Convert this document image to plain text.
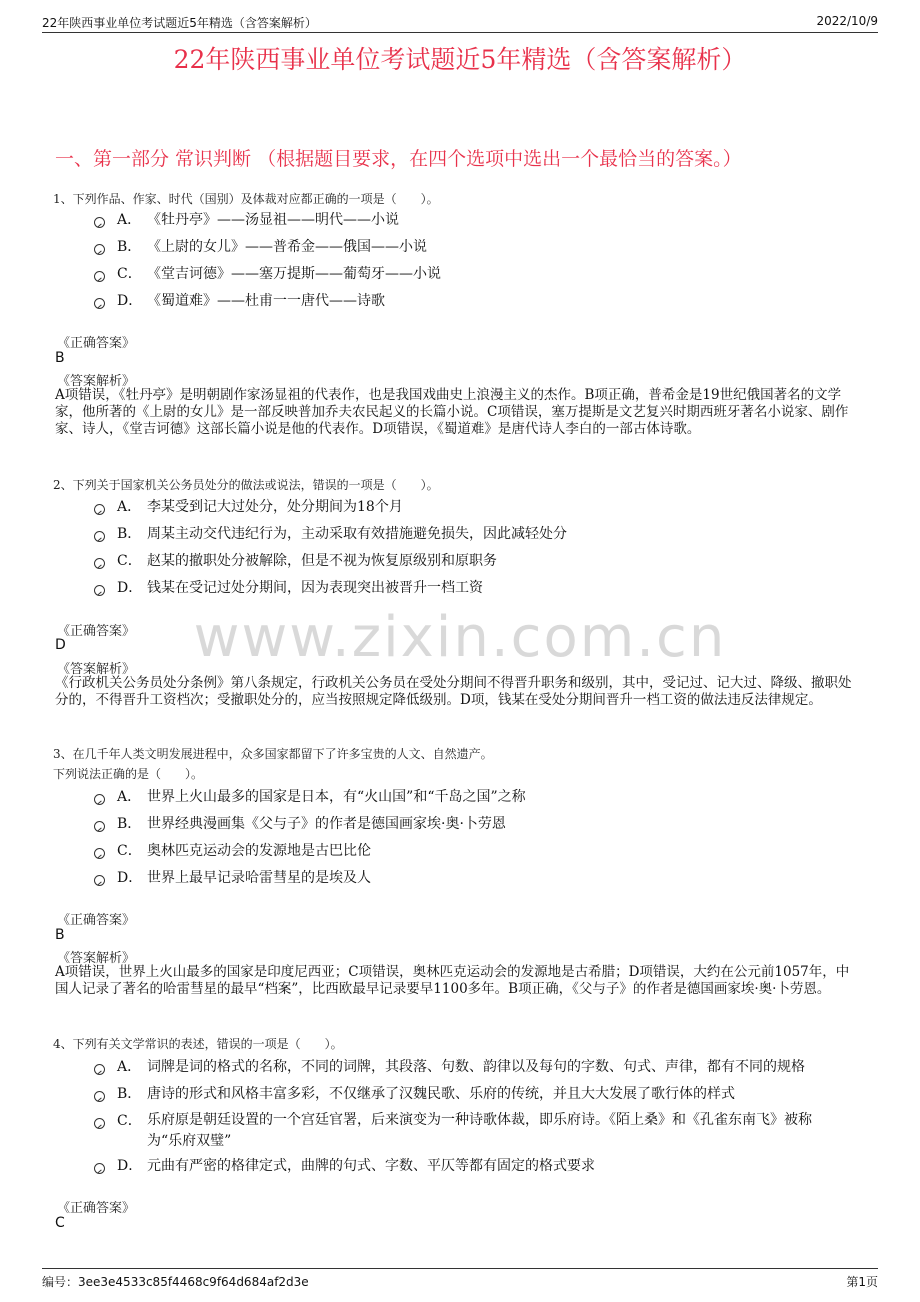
22年陕西事业单位考试题近5年精选（含答案解析）	2022/10/9
22年陕西事业单位考试题近5年精选（含答案解析）
一、第一部分 常识判断 （根据题目要求，在四个选项中选出一个最恰当的答案。）
www.zixin.com.cn
1、下列作品、作家、时代（国别）及体裁对应都正确的一项是（　　）。
A． 《牡丹亭》——汤显祖——明代——小说
B． 《上尉的女儿》——普希金——俄国——小说
C． 《堂吉诃德》——塞万提斯——葡萄牙——小说
D． 《蜀道难》——杜甫一一唐代——诗歌
《正确答案》
B
《答案解析》
A项错误，《牡丹亭》是明朝剧作家汤显祖的代表作，也是我国戏曲史上浪漫主义的杰作。B项正确，普希金是19世纪俄国著名的文学家，他所著的《上尉的女儿》是一部反映普加乔夫农民起义的长篇小说。C项错误，塞万提斯是文艺复兴时期西班牙著名小说家、剧作家、诗人，《堂吉诃德》这部长篇小说是他的代表作。D项错误，《蜀道难》是唐代诗人李白的一部古体诗歌。
2、下列关于国家机关公务员处分的做法或说法，错误的一项是（　　）。
A． 李某受到记大过处分，处分期间为18个月
B． 周某主动交代违纪行为，主动采取有效措施避免损失，因此减轻处分
C． 赵某的撤职处分被解除，但是不视为恢复原级别和原职务
D． 钱某在受记过处分期间，因为表现突出被晋升一档工资
《正确答案》
D
《答案解析》
《行政机关公务员处分条例》第八条规定，行政机关公务员在受处分期间不得晋升职务和级别，其中，受记过、记大过、降级、撤职处分的，不得晋升工资档次；受撤职处分的，应当按照规定降低级别。D项，钱某在受处分期间晋升一档工资的做法违反法律规定。
3、在几千年人类文明发展进程中，众多国家都留下了许多宝贵的人文、自然遗产。
下列说法正确的是（　　）。
A． 世界上火山最多的国家是日本，有“火山国”和“千岛之国”之称
B． 世界经典漫画集《父与子》的作者是德国画家埃·奥·卜劳恩
C． 奥林匹克运动会的发源地是古巴比伦
D． 世界上最早记录哈雷彗星的是埃及人
《正确答案》
B
《答案解析》
A项错误，世界上火山最多的国家是印度尼西亚；C项错误，奥林匹克运动会的发源地是古希腊；D项错误，大约在公元前1057年，中国人记录了著名的哈雷彗星的最早“档案”，比西欧最早记录要早1100多年。B项正确，《父与子》的作者是德国画家埃·奥·卜劳恩。
4、下列有关文学常识的表述，错误的一项是（　　）。
A． 词牌是词的格式的名称，不同的词牌，其段落、句数、韵律以及每句的字数、句式、声律，都有不同的规格
B． 唐诗的形式和风格丰富多彩，不仅继承了汉魏民歌、乐府的传统，并且大大发展了歌行体的样式
C． 乐府原是朝廷设置的一个宫廷官署，后来演变为一种诗歌体裁，即乐府诗。《陌上桑》和《孔雀东南飞》被称为“乐府双璧”
D． 元曲有严密的格律定式，曲牌的句式、字数、平仄等都有固定的格式要求
《正确答案》
C
编号：3ee3e4533c85f4468c9f64d684af2d3e	第1页
